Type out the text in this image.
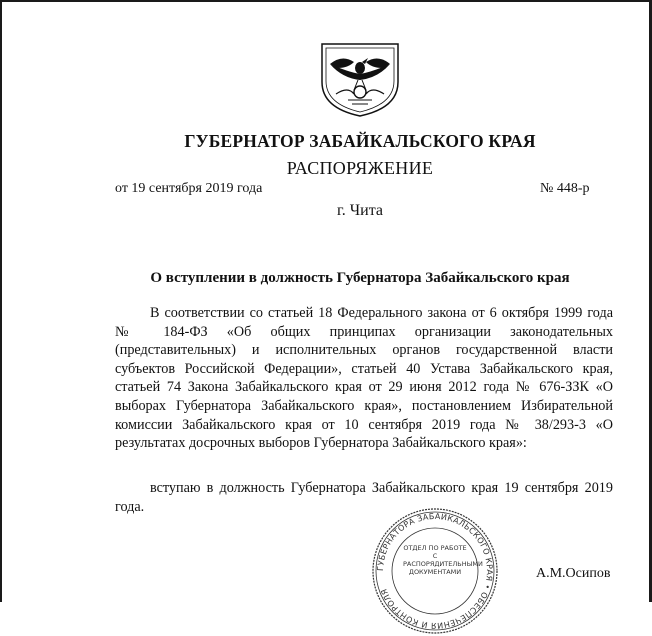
ГУБЕРНАТОР ЗАБАЙКАЛЬСКОГО КРАЯ
РАСПОРЯЖЕНИЕ
от 19 сентября 2019 года	№ 448-р
г. Чита
О вступлении в должность Губернатора Забайкальского края
В соответствии со статьей 18 Федерального закона от 6 октября 1999 года № 184-ФЗ «Об общих принципах организации законодательных (представительных) и исполнительных органов государственной власти субъектов Российской Федерации», статьей 40 Устава Забайкальского края, статьей 74 Закона Забайкальского края от 29 июня 2012 года № 676-ЗЗК «О выборах Губернатора Забайкальского края», постановлением Избирательной комиссии Забайкальского края от 10 сентября 2019 года № 38/293-3 «О результатах досрочных выборов Губернатора Забайкальского края»:
вступаю в должность Губернатора Забайкальского края 19 сентября 2019 года.
ГУБЕРНАТОРА ЗАБАЙКАЛЬСКОГО КРАЯ • ОБЕСПЕЧЕНИЯ И КОНТРОЛЯ
ОТДЕЛ ПО РАБОТЕ С РАСПОРЯДИТЕЛЬНЫМИ ДОКУМЕНТАМИ	А.М.Осипов
